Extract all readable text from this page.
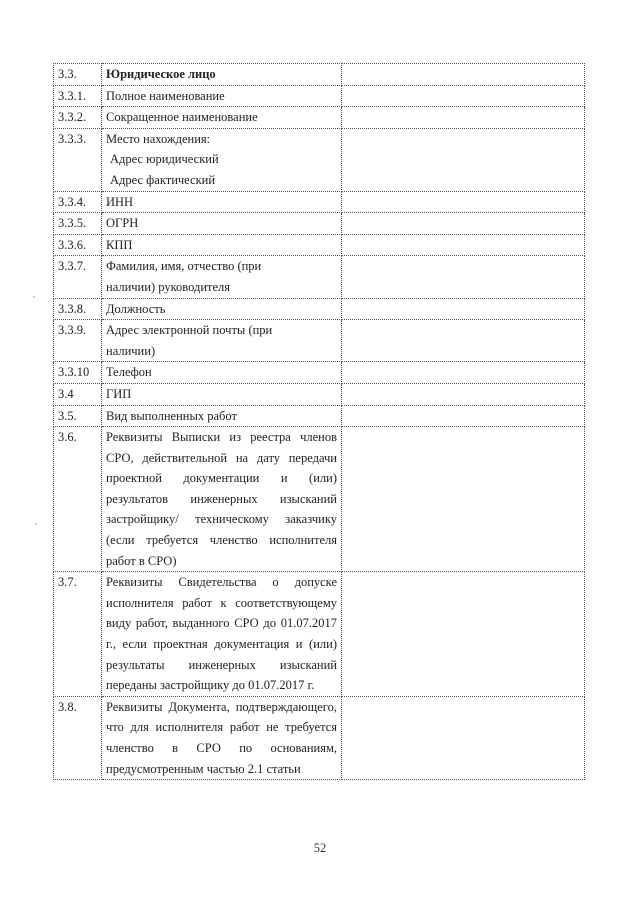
3.3.	Юридическое лицо	
3.3.1.	Полное наименование	
3.3.2.	Сокращенное наименование	
3.3.3.	Место нахождения:
Адрес юридический
Адрес фактический	

3.3.4.	ИНН	
3.3.5.	ОГРН	
3.3.6.	КПП	
3.3.7.	Фамилия, имя, отчество (при
наличии) руководителя	

3.3.8.	Должность	
3.3.9.	Адрес электронной почты (при
наличии)	

3.3.10	Телефон	
3.4	ГИП	
3.5.	Вид выполненных работ	
3.6.	Реквизиты Выписки из реестра членов СРО, действительной на дату передачи проектной документации и (или) результатов инженерных изысканий застройщику/ техническому заказчику (если требуется членство исполнителя работ в СРО)	
3.7.	Реквизиты Свидетельства о допуске исполнителя работ к соответствующему виду работ, выданного СРО до 01.07.2017 г., если проектная документация и (или) результаты инженерных изысканий переданы застройщику до 01.07.2017 г.	
3.8.	Реквизиты Документа, подтверждающего, что для исполнителя работ не требуется членство в СРО по основаниям, предусмотренным частью 2.1 статьи	
52
